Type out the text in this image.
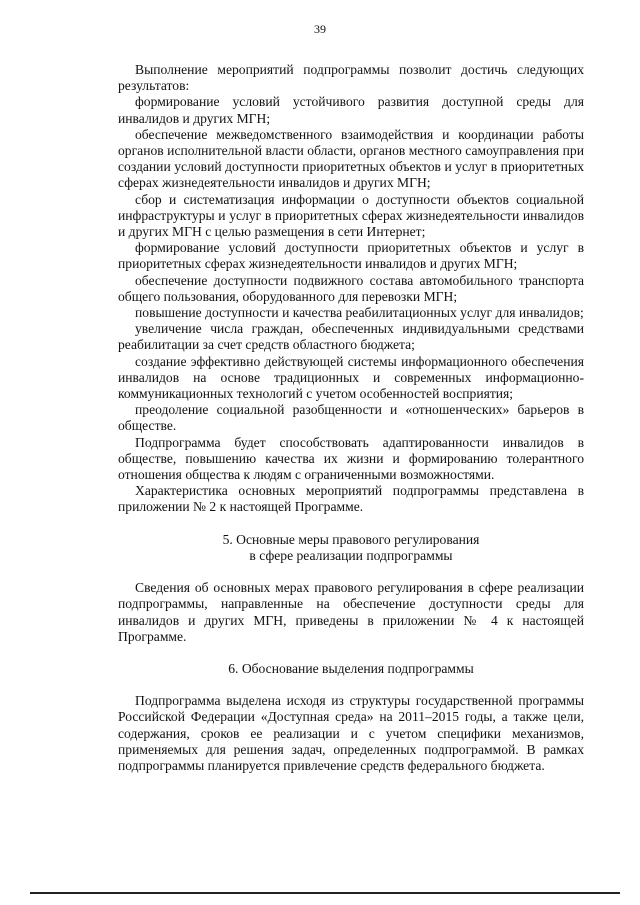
39

Выполнение мероприятий подпрограммы позволит достичь следующих результатов:

формирование условий устойчивого развития доступной среды для инвалидов и других МГН;

обеспечение межведомственного взаимодействия и координации работы органов исполнительной власти области, органов местного самоуправления при создании условий доступности приоритетных объектов и услуг в приоритетных сферах жизнедеятельности инвалидов и других МГН;

сбор и систематизация информации о доступности объектов социальной инфраструктуры и услуг в приоритетных сферах жизнедеятельности инвалидов и других МГН с целью размещения в сети Интернет;

формирование условий доступности приоритетных объектов и услуг в приоритетных сферах жизнедеятельности инвалидов и других МГН;

обеспечение доступности подвижного состава автомобильного транспорта общего пользования, оборудованного для перевозки МГН;

повышение доступности и качества реабилитационных услуг для инвалидов;

увеличение числа граждан, обеспеченных индивидуальными средствами реабилитации за счет средств областного бюджета;

создание эффективно действующей системы информационного обеспечения инвалидов на основе традиционных и современных информационно-коммуникационных технологий с учетом особенностей восприятия;

преодоление социальной разобщенности и «отношенческих» барьеров в обществе.

Подпрограмма будет способствовать адаптированности инвалидов в обществе, повышению качества их жизни и формированию толерантного отношения общества к людям с ограниченными возможностями.

Характеристика основных мероприятий подпрограммы представлена в приложении № 2 к настоящей Программе.

5. Основные меры правового регулирования
в сфере реализации подпрограммы

Сведения об основных мерах правового регулирования в сфере реализации подпрограммы, направленные на обеспечение доступности среды для инвалидов и других МГН, приведены в приложении № 4 к настоящей Программе.

6. Обоснование выделения подпрограммы

Подпрограмма выделена исходя из структуры государственной программы Российской Федерации «Доступная среда» на 2011–2015 годы, а также цели, содержания, сроков ее реализации и с учетом специфики механизмов, применяемых для решения задач, определенных подпрограммой. В рамках подпрограммы планируется привлечение средств федерального бюджета.
